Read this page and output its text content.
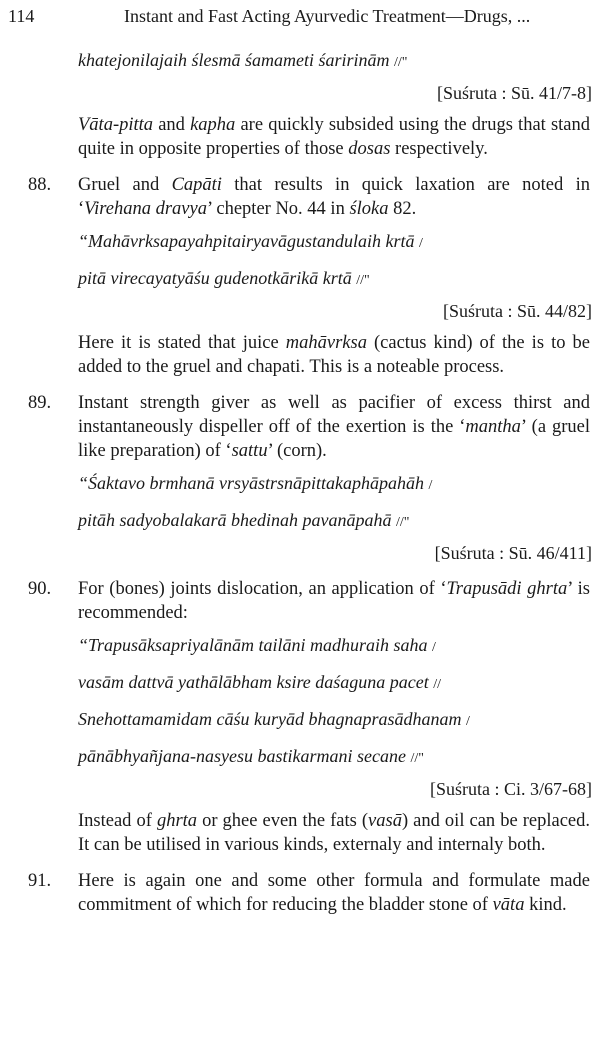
114	Instant and Fast Acting Ayurvedic Treatment—Drugs, ...
khatejonilajaih ślesmā śamameti śaririnām //"
[Suśruta : Sū. 41/7-8]
Vāta-pitta and kapha are quickly subsided using the drugs that stand quite in opposite properties of those dosas respectively.
88. Gruel and Capāti that results in quick laxation are noted in ‘Virehana dravya’ chepter No. 44 in śloka 82.
“Mahāvrksapayahpitairyavāgustandulaih krtā /
pitā virecayatyāśu gudenotkārikā krtā //"
[Suśruta : Sū. 44/82]
Here it is stated that juice mahāvrksa (cactus kind) of the is to be added to the gruel and chapati. This is a noteable process.
89. Instant strength giver as well as pacifier of excess thirst and instantaneously dispeller off of the exertion is the ‘mantha’ (a gruel like preparation) of ‘sattu’ (corn).
“Śaktavo brmhanā vrsyāstrsnāpittakaphāpahāh /
pitāh sadyobalakarā bhedinah pavanāpahā //"
[Suśruta : Sū. 46/411]
90. For (bones) joints dislocation, an application of ‘Trapusādi ghrta’ is recommended:
“Trapusāksapriyalānām tailāni madhuraih saha /
vasām dattvā yathālābham ksire daśaguna pacet //
Snehottamamidam cāśu kuryād bhagnaprasādhanam /
pānābhyañjana-nasyesu bastikarmani secane //"
[Suśruta : Ci. 3/67-68]
Instead of ghrta or ghee even the fats (vasā) and oil can be replaced. It can be utilised in various kinds, externaly and internaly both.
91. Here is again one and some other formula and formulate made commitment of which for reducing the bladder stone of vāta kind.
